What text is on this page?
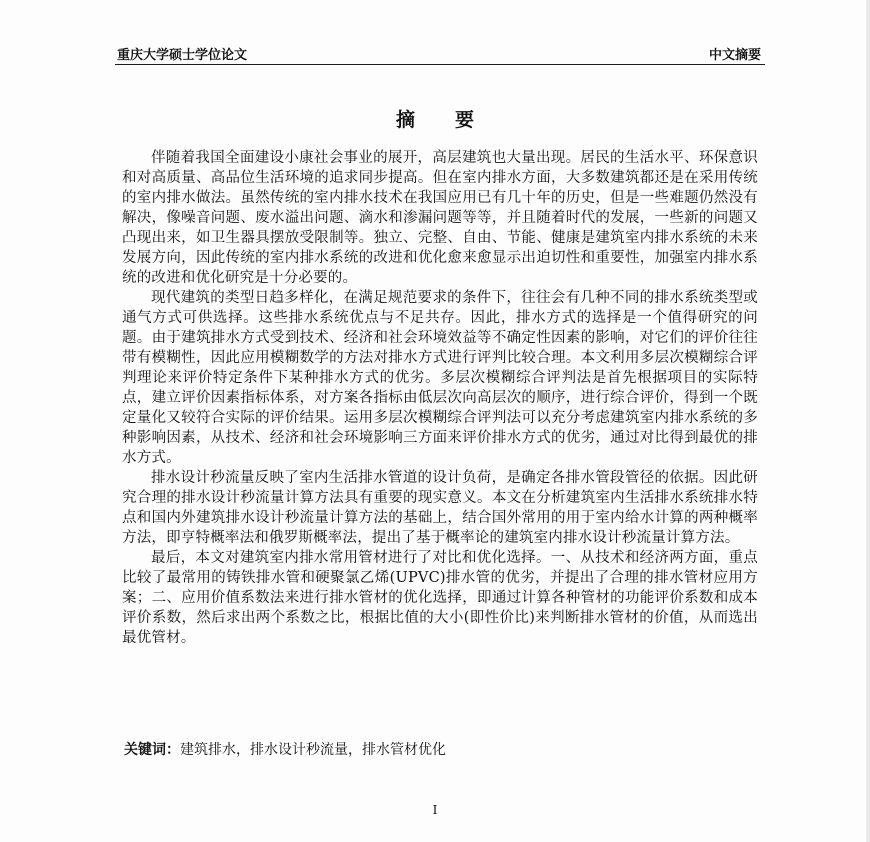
重庆大学硕士学位论文	中文摘要
摘要

伴随着我国全面建设小康社会事业的展开，高层建筑也大量出现。居民的生活水平、环保意识和对高质量、高品位生活环境的追求同步提高。但在室内排水方面，大多数建筑都还是在采用传统的室内排水做法。虽然传统的室内排水技术在我国应用已有几十年的历史，但是一些难题仍然没有解决，像噪音问题、废水溢出问题、滴水和渗漏问题等等，并且随着时代的发展，一些新的问题又凸现出来，如卫生器具摆放受限制等。独立、完整、自由、节能、健康是建筑室内排水系统的未来发展方向，因此传统的室内排水系统的改进和优化愈来愈显示出迫切性和重要性，加强室内排水系统的改进和优化研究是十分必要的。

现代建筑的类型日趋多样化，在满足规范要求的条件下，往往会有几种不同的排水系统类型或通气方式可供选择。这些排水系统优点与不足共存。因此，排水方式的选择是一个值得研究的问题。由于建筑排水方式受到技术、经济和社会环境效益等不确定性因素的影响，对它们的评价往往带有模糊性，因此应用模糊数学的方法对排水方式进行评判比较合理。本文利用多层次模糊综合评判理论来评价特定条件下某种排水方式的优劣。多层次模糊综合评判法是首先根据项目的实际特点，建立评价因素指标体系，对方案各指标由低层次向高层次的顺序，进行综合评价，得到一个既定量化又较符合实际的评价结果。运用多层次模糊综合评判法可以充分考虑建筑室内排水系统的多种影响因素，从技术、经济和社会环境影响三方面来评价排水方式的优劣，通过对比得到最优的排水方式。

排水设计秒流量反映了室内生活排水管道的设计负荷，是确定各排水管段管径的依据。因此研究合理的排水设计秒流量计算方法具有重要的现实意义。本文在分析建筑室内生活排水系统排水特点和国内外建筑排水设计秒流量计算方法的基础上，结合国外常用的用于室内给水计算的两种概率方法，即亨特概率法和俄罗斯概率法，提出了基于概率论的建筑室内排水设计秒流量计算方法。

最后，本文对建筑室内排水常用管材进行了对比和优化选择。一、从技术和经济两方面，重点比较了最常用的铸铁排水管和硬聚氯乙烯(UPVC)排水管的优劣，并提出了合理的排水管材应用方案；二、应用价值系数法来进行排水管材的优化选择，即通过计算各种管材的功能评价系数和成本评价系数，然后求出两个系数之比，根据比值的大小(即性价比)来判断排水管材的价值，从而选出最优管材。

关键词：建筑排水，排水设计秒流量，排水管材优化
I
